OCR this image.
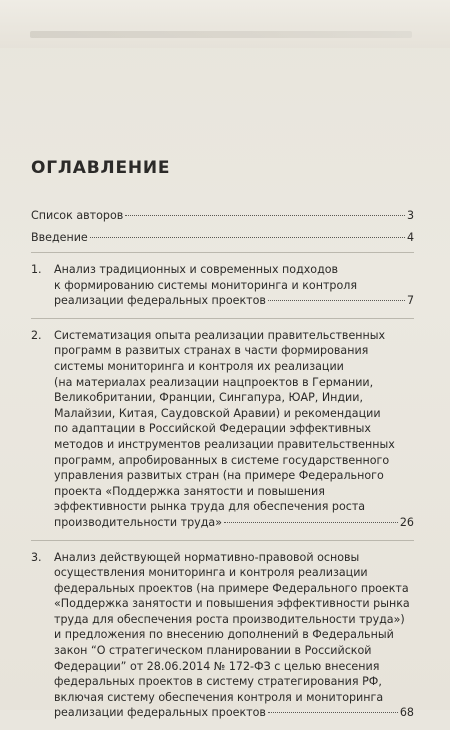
ОГЛАВЛЕНИЕ
Список авторов	3
Введение	4
1.	Анализ традиционных и современных подходов
к формированию системы мониторинга и контроля
реализации федеральных проектов	7
2.	Систематизация опыта реализации правительственных
программ в развитых странах в части формирования
системы мониторинга и контроля их реализации
(на материалах реализации нацпроектов в Германии,
Великобритании, Франции, Сингапура, ЮАР, Индии,
Малайзии, Китая, Саудовской Аравии) и рекомендации
по адаптации в Российской Федерации эффективных
методов и инструментов реализации правительственных
программ, апробированных в системе государственного
управления развитых стран (на примере Федерального
проекта «Поддержка занятости и повышения
эффективности рынка труда для обеспечения роста
производительности труда»	26
3.	Анализ действующей нормативно-правовой основы
осуществления мониторинга и контроля реализации
федеральных проектов (на примере Федерального проекта
«Поддержка занятости и повышения эффективности рынка
труда для обеспечения роста производительности труда»)
и предложения по внесению дополнений в Федеральный
закон “О стратегическом планировании в Российской
Федерации” от 28.06.2014 № 172-ФЗ с целью внесения
федеральных проектов в систему стратегирования РФ,
включая систему обеспечения контроля и мониторинга
реализации федеральных проектов	68
